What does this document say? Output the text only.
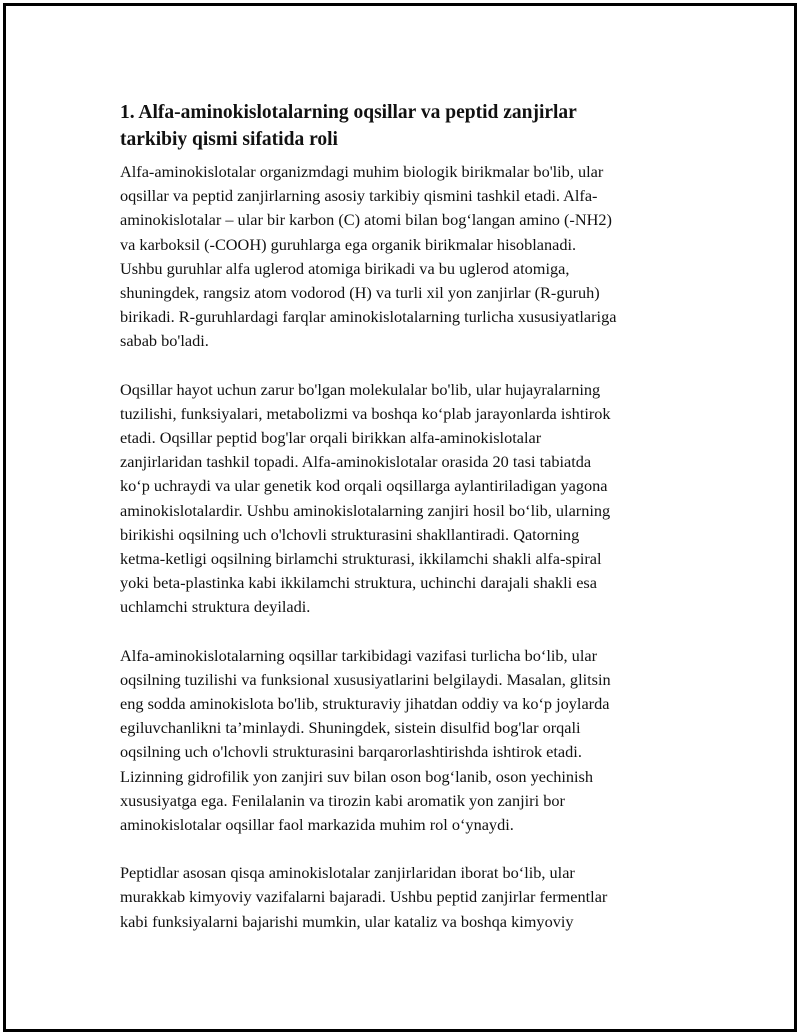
1. Alfa-aminokislotalarning oqsillar va peptid zanjirlar
tarkibiy qismi sifatida roli
Alfa-aminokislotalar organizmdagi muhim biologik birikmalar bo'lib, ular
oqsillar va peptid zanjirlarning asosiy tarkibiy qismini tashkil etadi. Alfa-
aminokislotalar – ular bir karbon (C) atomi bilan bog‘langan amino (-NH2)
va karboksil (-COOH) guruhlarga ega organik birikmalar hisoblanadi.
Ushbu guruhlar alfa uglerod atomiga birikadi va bu uglerod atomiga,
shuningdek, rangsiz atom vodorod (H) va turli xil yon zanjirlar (R-guruh)
birikadi. R-guruhlardagi farqlar aminokislotalarning turlicha xususiyatlariga
sabab bo'ladi.
Oqsillar hayot uchun zarur bo'lgan molekulalar bo'lib, ular hujayralarning
tuzilishi, funksiyalari, metabolizmi va boshqa ko‘plab jarayonlarda ishtirok
etadi. Oqsillar peptid bog'lar orqali birikkan alfa-aminokislotalar
zanjirlaridan tashkil topadi. Alfa-aminokislotalar orasida 20 tasi tabiatda
ko‘p uchraydi va ular genetik kod orqali oqsillarga aylantiriladigan yagona
aminokislotalardir. Ushbu aminokislotalarning zanjiri hosil bo‘lib, ularning
birikishi oqsilning uch o'lchovli strukturasini shakllantiradi. Qatorning
ketma-ketligi oqsilning birlamchi strukturasi, ikkilamchi shakli alfa-spiral
yoki beta-plastinka kabi ikkilamchi struktura, uchinchi darajali shakli esa
uchlamchi struktura deyiladi.
Alfa-aminokislotalarning oqsillar tarkibidagi vazifasi turlicha bo‘lib, ular
oqsilning tuzilishi va funksional xususiyatlarini belgilaydi. Masalan, glitsin
eng sodda aminokislota bo'lib, strukturaviy jihatdan oddiy va ko‘p joylarda
egiluvchanlikni ta’minlaydi. Shuningdek, sistein disulfid bog'lar orqali
oqsilning uch o'lchovli strukturasini barqarorlashtirishda ishtirok etadi.
Lizinning gidrofilik yon zanjiri suv bilan oson bog‘lanib, oson yechinish
xususiyatga ega. Fenilalanin va tirozin kabi aromatik yon zanjiri bor
aminokislotalar oqsillar faol markazida muhim rol o‘ynaydi.
Peptidlar asosan qisqa aminokislotalar zanjirlaridan iborat bo‘lib, ular
murakkab kimyoviy vazifalarni bajaradi. Ushbu peptid zanjirlar fermentlar
kabi funksiyalarni bajarishi mumkin, ular kataliz va boshqa kimyoviy
